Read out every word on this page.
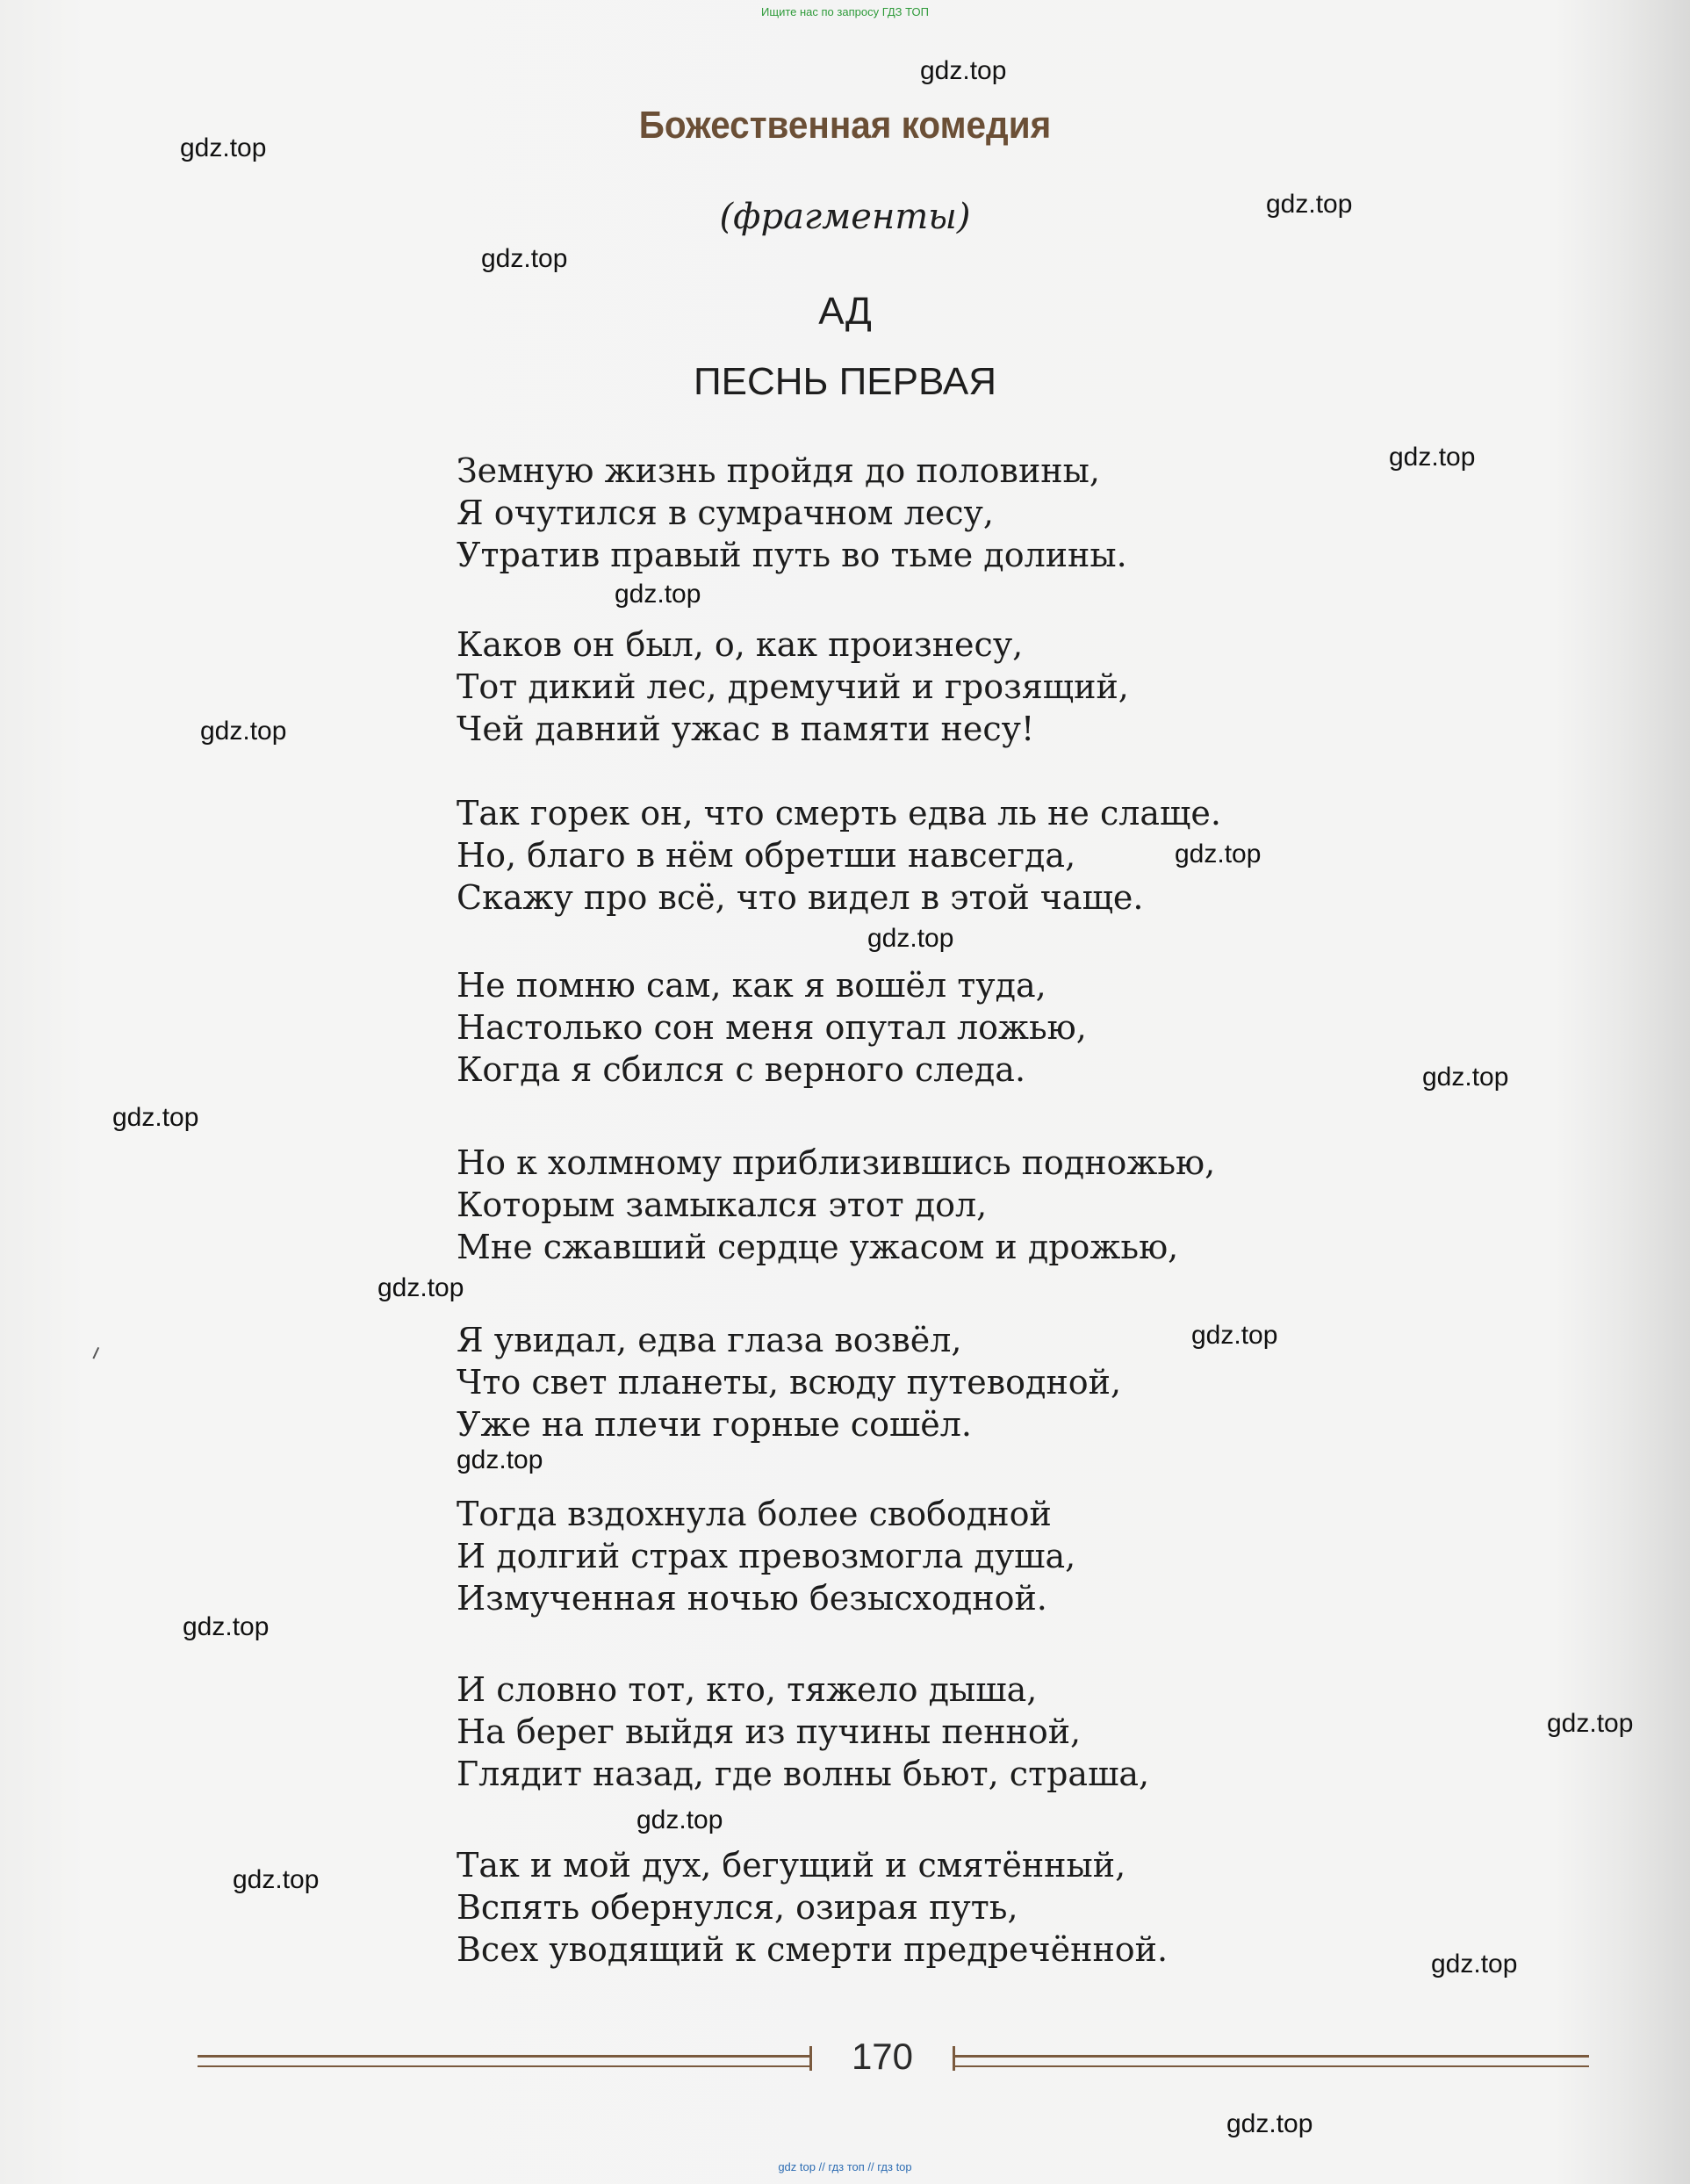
Ищите нас по запросу ГДЗ ТОП
Божественная комедия
(фрагменты)
АД
ПЕСНЬ ПЕРВАЯ
Земную жизнь пройдя до половины,
Я очутился в сумрачном лесу,
Утратив правый путь во тьме долины.
Каков он был, о, как произнесу,
Тот дикий лес, дремучий и грозящий,
Чей давний ужас в памяти несу!
Так горек он, что смерть едва ль не слаще.
Но, благо в нём обретши навсегда,
Скажу про всё, что видел в этой чаще.
Не помню сам, как я вошёл туда,
Настолько сон меня опутал ложью,
Когда я сбился с верного следа.
Но к холмному приблизившись подножью,
Которым замыкался этот дол,
Мне сжавший сердце ужасом и дрожью,
Я увидал, едва глаза возвёл,
Что свет планеты, всюду путеводной,
Уже на плечи горные сошёл.
Тогда вздохнула более свободной
И долгий страх превозмогла душа,
Измученная ночью безысходной.
И словно тот, кто, тяжело дыша,
На берег выйдя из пучины пенной,
Глядит назад, где волны бьют, страша,
Так и мой дух, бегущий и смятённый,
Вспять обернулся, озирая путь,
Всех уводящий к смерти предречённой.
170
gdz.top
gdz.top
gdz.top
gdz.top
gdz.top
gdz.top
gdz.top
gdz.top
gdz.top
gdz.top
gdz.top
gdz.top
gdz.top
gdz.top
gdz.top
gdz.top
gdz.top
gdz.top
gdz.top
gdz.top
gdz top // гдз топ // гдз top
